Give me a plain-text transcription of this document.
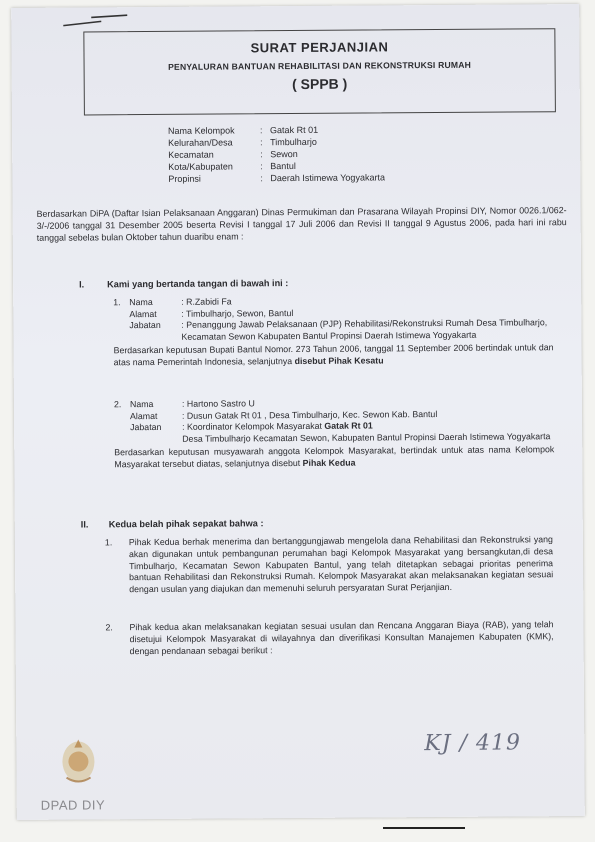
SURAT PERJANJIAN
PENYALURAN BANTUAN REHABILITASI DAN REKONSTRUKSI RUMAH
( SPPB )
Nama Kelompok	: Gatak Rt 01
Kelurahan/Desa	: Timbulharjo
Kecamatan	: Sewon
Kota/Kabupaten	: Bantul
Propinsi	: Daerah Istimewa Yogyakarta
Berdasarkan DiPA (Daftar Isian Pelaksanaan Anggaran) Dinas Permukiman dan Prasarana Wilayah Propinsi DIY, Nomor 0026.1/062-3/-/2006 tanggal 31 Desember 2005 beserta Revisi I tanggal 17 Juli 2006 dan Revisi II tanggal 9 Agustus 2006, pada hari ini rabu tanggal sebelas bulan Oktober tahun duaribu enam :
I. Kami yang bertanda tangan di bawah ini :
1. Nama	: R.Zabidi Fa
Alamat	: Timbulharjo, Sewon, Bantul
Jabatan	: Penanggung Jawab Pelaksanaan (PJP) Rehabilitasi/Rekonstruksi Rumah Desa Timbulharjo, Kecamatan Sewon Kabupaten Bantul Propinsi Daerah Istimewa Yogyakarta
Berdasarkan keputusan Bupati Bantul Nomor. 273 Tahun 2006, tanggal 11 September 2006 bertindak untuk dan atas nama Pemerintah Indonesia, selanjutnya disebut Pihak Kesatu
2. Nama	: Hartono Sastro U
Alamat	: Dusun Gatak Rt 01 , Desa Timbulharjo, Kec. Sewon Kab. Bantul
Jabatan	: Koordinator Kelompok Masyarakat Gatak Rt 01
Desa Timbulharjo Kecamatan Sewon, Kabupaten Bantul Propinsi Daerah Istimewa Yogyakarta
Berdasarkan keputusan musyawarah anggota Kelompok Masyarakat, bertindak untuk atas nama Kelompok Masyarakat tersebut diatas, selanjutnya disebut Pihak Kedua
II. Kedua belah pihak sepakat bahwa :
1.	Pihak Kedua berhak menerima dan bertanggungjawab mengelola dana Rehabilitasi dan Rekonstruksi yang akan digunakan untuk pembangunan perumahan bagi Kelompok Masyarakat yang bersangkutan,di desa Timbulharjo, Kecamatan Sewon Kabupaten Bantul, yang telah ditetapkan sebagai prioritas penerima bantuan Rehabilitasi dan Rekonstruksi Rumah. Kelompok Masyarakat akan melaksanakan kegiatan sesuai dengan usulan yang diajukan dan memenuhi seluruh persyaratan Surat Perjanjian.
2.	Pihak kedua akan melaksanakan kegiatan sesuai usulan dan Rencana Anggaran Biaya (RAB), yang telah disetujui Kelompok Masyarakat di wilayahnya dan diverifikasi Konsultan Manajemen Kabupaten (KMK), dengan pendanaan sebagai berikut :
KJ / 419
DPAD DIY
